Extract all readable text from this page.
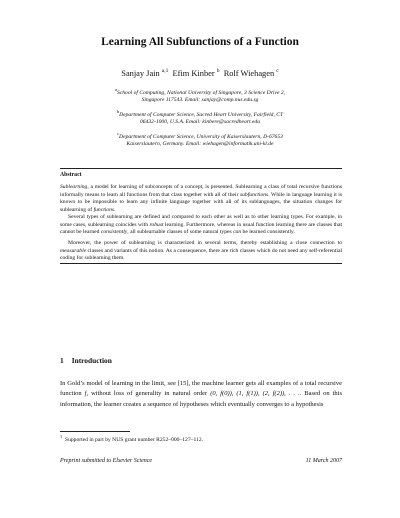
Learning All Subfunctions of a Function
Sanjay Jain $^{a,1}$ Efim Kinber $^b$ Rolf Wiehagen $^c$
$^a$School of Computing, National University of Singapore, 3 Science Drive 2,
Singapore 117543. Email: sanjay@comp.nus.edu.sg
$^b$Department of Computer Science, Sacred Heart University, Fairfield, CT
06432-1000, U.S.A. Email: kinbere@sacredheart.edu
$^c$Department of Computer Science, University of Kaiserslautern, D-67653
Kaiserslautern, Germany. Email: wiehagen@informatik.uni-kl.de
Abstract
Sublearning, a model for learning of subconcepts of a concept, is presented. Sublearning a class of total recursive functions informally means to learn all functions from that class together with all of their subfunctions. While in language learning it is known to be impossible to learn any infinite language together with all of its sublanguages, the situation changes for sublearning of functions.
Several types of sublearning are defined and compared to each other as well as to other learning types. For example, in some cases, sublearning coincides with robust learning. Furthermore, whereas in usual function learning there are classes that cannot be learned consistently, all sublearnable classes of some natural types can be learned consistently.
Moreover, the power of sublearning is characterized in several terms, thereby establishing a close connection to measurable classes and variants of this notion. As a consequence, there are rich classes which do not need any self-referential coding for sublearning them.
1 Introduction
In Gold’s model of learning in the limit, see [15], the machine learner gets all examples of a total recursive function f, without loss of generality in natural order (0, f(0)), (1, f(1)), (2, f(2)), . . .. Based on this information, the learner creates a sequence of hypotheses which eventually converges to a hypothesis
$^1$  Supported in part by NUS grant number R252–000–127–112.
Preprint submitted to Elsevier Science	11 March 2007
